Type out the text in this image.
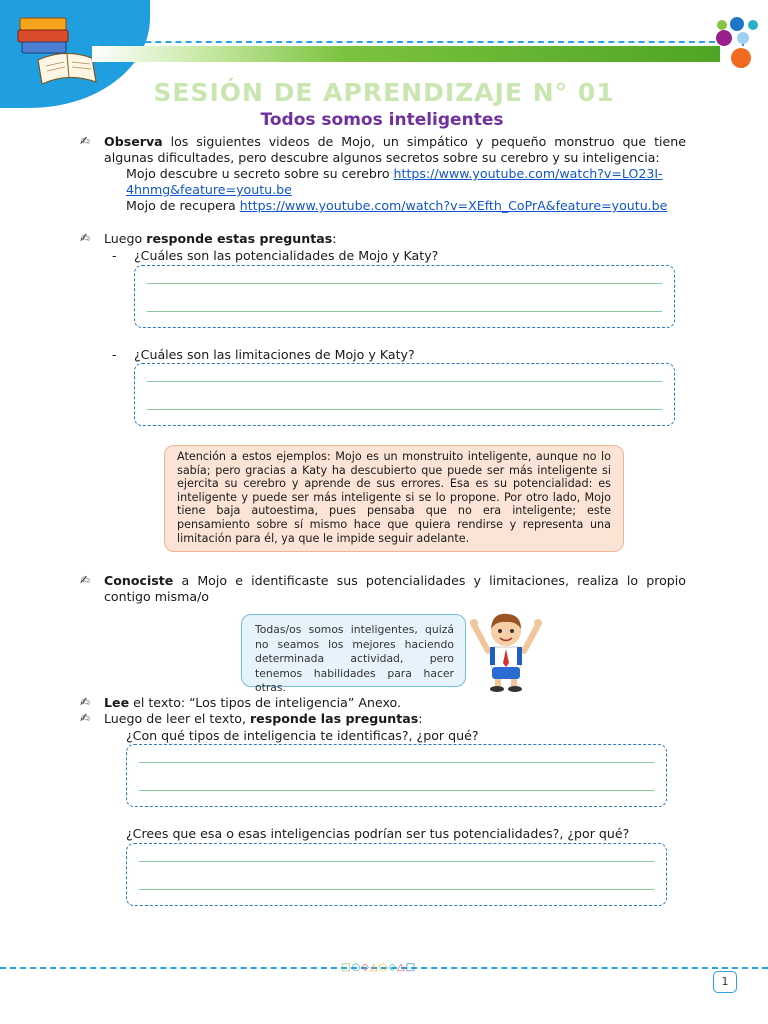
SESIÓN DE APRENDIZAJE N° 01
Todos somos inteligentes
✍ Observa los siguientes videos de Mojo, un simpático y pequeño monstruo que tiene algunas dificultades, pero descubre algunos secretos sobre su cerebro y su inteligencia:
Mojo descubre u secreto sobre su cerebro https://www.youtube.com/watch?v=LO23I-
4hnmg&feature=youtu.be
Mojo de recupera https://www.youtube.com/watch?v=XEfth_CoPrA&feature=youtu.be
✍ Luego responde estas preguntas:
- ¿Cuáles son las potencialidades de Mojo y Katy?
- ¿Cuáles son las limitaciones de Mojo y Katy?
Atención a estos ejemplos: Mojo es un monstruito inteligente, aunque no lo sabía; pero gracias a Katy ha descubierto que puede ser más inteligente si ejercita su cerebro y aprende de sus errores. Esa es su potencialidad: es inteligente y puede ser más inteligente si se lo propone. Por otro lado, Mojo tiene baja autoestima, pues pensaba que no era inteligente; este pensamiento sobre sí mismo hace que quiera rendirse y representa una limitación para él, ya que le impide seguir adelante.
✍ Conociste a Mojo e identificaste sus potencialidades y limitaciones, realiza lo propio contigo misma/o
Todas/os somos inteligentes, quizá no seamos los mejores haciendo determinada actividad, pero tenemos habilidades para hacer otras.
✍ Lee el texto: “Los tipos de inteligencia” Anexo.
✍ Luego de leer el texto, responde las preguntas:
¿Con qué tipos de inteligencia te identificas?, ¿por qué?
¿Crees que esa o esas inteligencias podrían ser tus potencialidades?, ¿por qué?
□○◇△○◇△□
1
